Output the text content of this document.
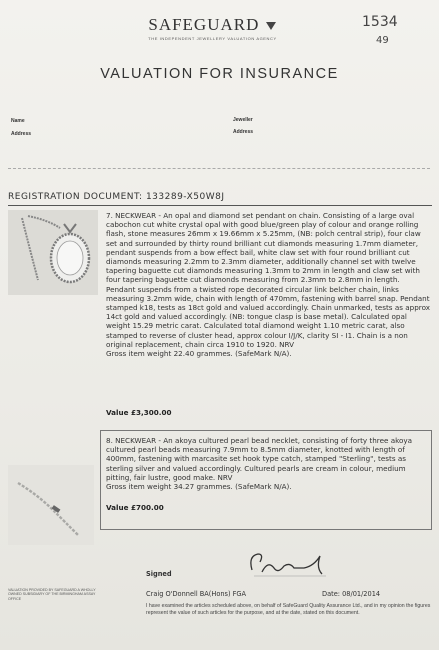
SAFEGUARD
THE INDEPENDENT JEWELLERY VALUATION AGENCY
1534
49
VALUATION FOR INSURANCE
Name
Address
Jeweller
Address
REGISTRATION DOCUMENT: 133289-X50W8J
7. NECKWEAR - An opal and diamond set pendant on chain. Consisting of a large oval cabochon cut white crystal opal with good blue/green play of colour and orange rolling flash, stone measures 26mm x 19.66mm x 5.25mm, (NB: polch central strip), four claw set and surrounded by thirty round brilliant cut diamonds measuring 1.7mm diameter, pendant suspends from a bow effect bail, white claw set with four round brilliant cut diamonds measuring 2.2mm to 2.3mm diameter, additionally channel set with twelve tapering baguette cut diamonds measuring 1.3mm to 2mm in length and claw set with four tapering baguette cut diamonds measuring from 2.3mm to 2.8mm in length. Pendant suspends from a twisted rope decorated circular link belcher chain, links measuring 3.2mm wide, chain with length of 470mm, fastening with barrel snap. Pendant stamped k18, tests as 18ct gold and valued accordingly. Chain unmarked, tests as approx 14ct gold and valued accordingly. (NB: tongue clasp is base metal). Calculated opal weight 15.29 metric carat. Calculated total diamond weight 1.10 metric carat, also stamped to reverse of cluster head, approx colour I/J/K, clarity SI - I1. Chain is a non original replacement, chain circa 1910 to 1920. NRV
Gross item weight 22.40 grammes. (SafeMark N/A).
Value £3,300.00
8. NECKWEAR - An akoya cultured pearl bead necklet, consisting of forty three akoya cultured pearl beads measuring 7.9mm to 8.5mm diameter, knotted with length of 400mm, fastening with marcasite set hook type catch, stamped "Sterling", tests as sterling silver and valued accordingly. Cultured pearls are cream in colour, medium pitting, fair lustre, good make. NRV
Gross item weight 34.27 grammes. (SafeMark N/A).
Value £700.00
VALUATION PROVIDED BY SAFEGUARD A WHOLLY OWNED SUBSIDIARY OF THE BIRMINGHAM ASSAY OFFICE
Signed
Craig O'Donnell BA(Hons) FGA	Date: 08/01/2014
I have examined the articles scheduled above, on behalf of SafeGuard Quality Assurance Ltd., and in my opinion the figures represent the value of such articles for the purpose, and at the date, stated on this document.
